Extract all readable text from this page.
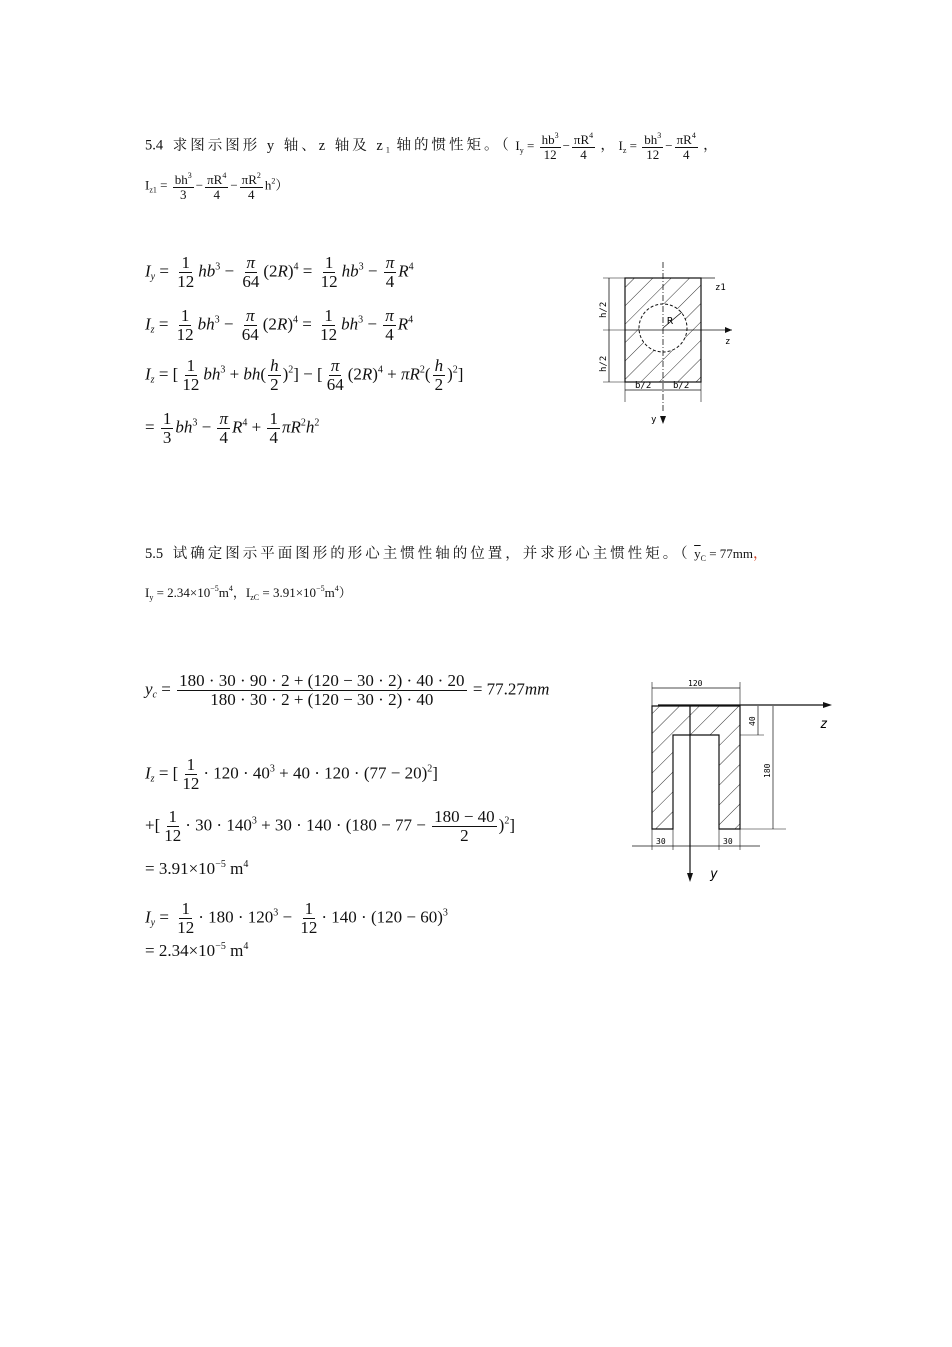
5.4 求图示图形 y 轴、z 轴及 $z_1$ 轴的惯性矩。（ $I_y = \frac{hb^3}{12} - \frac{\pi R^4}{4}$ ， $I_z = \frac{bh^3}{12} - \frac{\pi R^4}{4}$ ，
$I_{z1} = \frac{bh^3}{3} - \frac{\pi R^4}{4} - \frac{\pi R^2}{4} h^2$）
$I_y = \frac{1}{12} hb^3 - \frac{\pi}{64} (2R)^4 = \frac{1}{12} hb^3 - \frac{\pi}{4} R^4$
$I_z = \frac{1}{12} bh^3 - \frac{\pi}{64} (2R)^4 = \frac{1}{12} bh^3 - \frac{\pi}{4} R^4$
$I_z$ = [ $\frac{1}{12} bh^3 + bh( \frac{h}{2} )^2$] − [ $\frac{\pi}{64} (2R)^4 + \pi R^2( \frac{h}{2} )^2$]
= $\frac{1}{3} bh^3 - \frac{\pi}{4} R^4 + \frac{1}{4} \pi R^2h^2$
R
z1
z
h/2
h/2
b/2 b/2
y
5.5 试确定图示平面图形的形心主惯性轴的位置，并求形心主惯性矩。（ $\overline{y}_C = 77mm$，
$I_y = 2.34\times 10^{-5}m^4$，$I_{zC} = 3.91\times 10^{-5}m^4$）
$y_c = \frac{180 \cdot 30 \cdot 90 \cdot 2 + (120 - 30 \cdot 2) \cdot 40 \cdot 20}{180 \cdot 30 \cdot 2 + (120 - 30 \cdot 2) \cdot 40} = 77.27mm$
$I_z$ = [ $\frac{1}{12} \cdot 120 \cdot 40^3 + 40 \cdot 120 \cdot (77 - 20)^2$]
+[ $\frac{1}{12} \cdot 30 \cdot 140^3 + 30 \cdot 140 \cdot (180 - 77 - \frac{180 - 40}{2} )^2$]
= $3.91\times 10^{-5}$ $m^4$
$I_y = \frac{1}{12} \cdot 180 \cdot 120^3 - \frac{1}{12} \cdot 140 \cdot (120 - 60)^3$
= $2.34\times 10^{-5}$ $m^4$
120
z
y
40
180
30	30
